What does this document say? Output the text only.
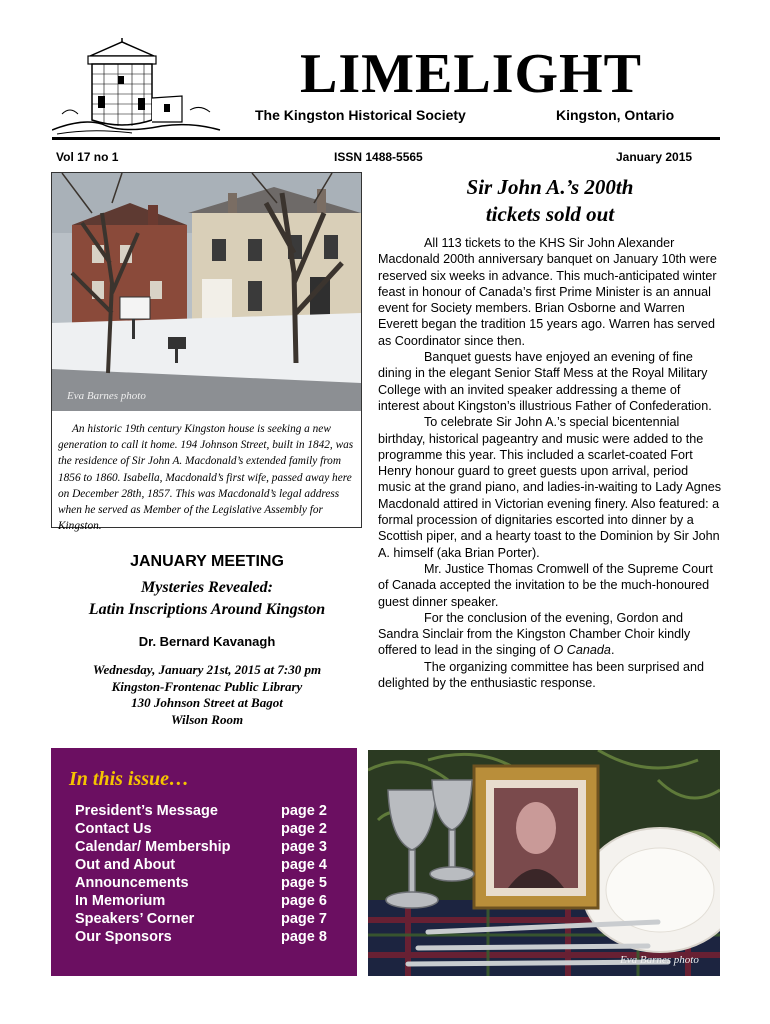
LIMELIGHT
The Kingston Historical Society	Kingston, Ontario
Vol 17 no 1	ISSN 1488-5565	January 2015
Eva Barnes photo

An historic 19th century Kingston house is seeking a new generation to call it home. 194 Johnson Street, built in 1842, was the residence of Sir John A. Macdonald’s extended family from 1856 to 1860. Isabella, Macdonald’s first wife, passed away here on December 28th, 1857. This was Macdonald’s legal address when he served as Member of the Legislative Assembly for Kingston.

JANUARY MEETING
Mysteries Revealed:
Latin Inscriptions Around Kingston
Dr. Bernard Kavanagh
Wednesday, January 21st, 2015 at 7:30 pm
Kingston-Frontenac Public Library
130 Johnson Street at Bagot
Wilson Room
In this issue…
President’s Message	page 2
Contact Us	page 2
Calendar/ Membership	page 3
Out and About	page 4
Announcements	page 5
In Memorium	page 6
Speakers’ Corner	page 7
Our Sponsors	page 8
Sir John A.’s 200th
tickets sold out

All 113 tickets to the KHS Sir John Alexander Macdonald 200th anniversary banquet on January 10th were reserved six weeks in advance. This much-anticipated winter feast in honour of Canada’s first Prime Minister is an annual event for Society members. Brian Osborne and Warren Everett began the tradition 15 years ago. Warren has served as Coordinator since then.

Banquet guests have enjoyed an evening of fine dining in the elegant Senior Staff Mess at the Royal Military College with an invited speaker addressing a theme of interest about Kingston’s illustrious Father of Confederation.

To celebrate Sir John A.’s special bicentennial birthday, historical pageantry and music were added to the programme this year. This included a scarlet-coated Fort Henry honour guard to greet guests upon arrival, period music at the grand piano, and ladies-in-waiting to Lady Agnes Macdonald attired in Victorian evening finery. Also featured: a formal procession of dignitaries escorted into dinner by a Scottish piper, and a hearty toast to the Dominion by Sir John A. himself (aka Brian Porter).

Mr. Justice Thomas Cromwell of the Supreme Court of Canada accepted the invitation to be the much-honoured guest dinner speaker.

For the conclusion of the evening, Gordon and Sandra Sinclair from the Kingston Chamber Choir kindly offered to lead in the singing of O Canada.

The organizing committee has been surprised and delighted by the enthusiastic response.

Eva Barnes photo
